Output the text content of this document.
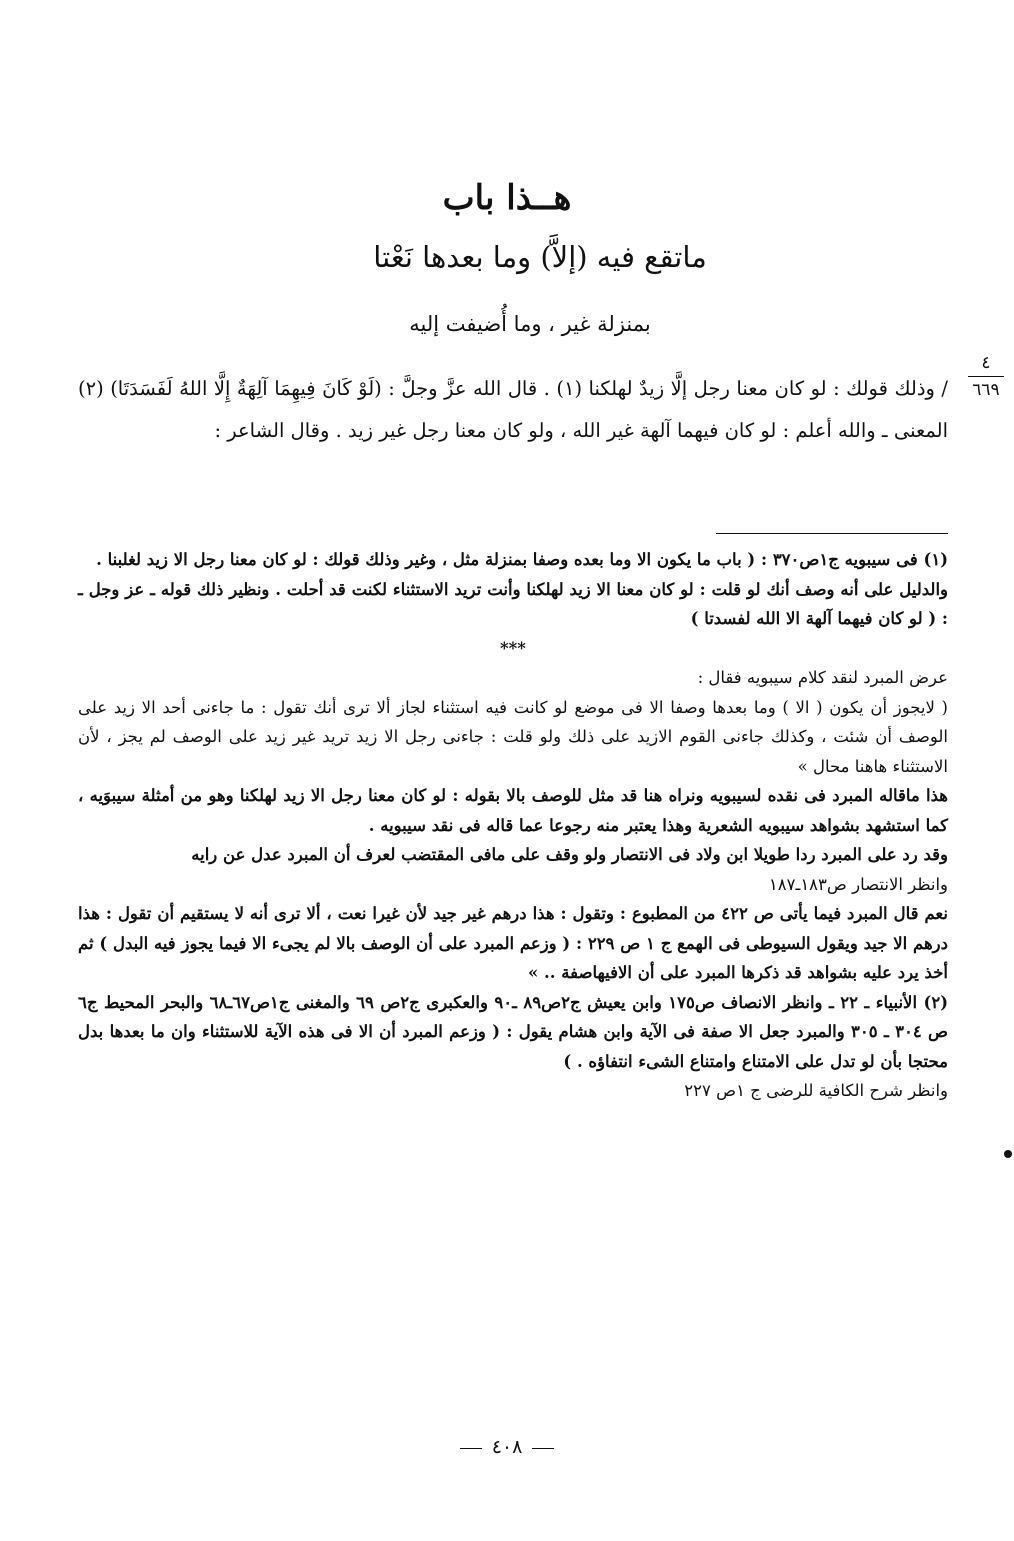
هــذا باب
ماتقع فيه (إلاَّ) وما بعدها نَعْتا
بمنزلة غير ، وما أُضيفت إليه
٤
٦٦٩

/ وذلك قولك : لو كان معنا رجل إلَّا زيدٌ لهلكنا (١) . قال الله عزَّ وجلَّ : (لَوْ كَانَ فِيهِمَا آلِهَةٌ إِلَّا اللهُ لَفَسَدَتَا) (٢) المعنى ـ والله أعلم : لو كان فيهما آلهة غير الله ، ولو كان معنا رجل غير زيد . وقال الشاعر :

(١) فى سيبويه ج١ص٣٧٠ : ( باب ما يكون الا وما بعده وصفا بمنزلة مثل ، وغير وذلك قولك : لو كان معنا رجل الا زيد لغلبنا .

والدليل على أنه وصف أنك لو قلت : لو كان معنا الا زيد لهلكنا وأنت تريد الاستثناء لكنت قد أحلت . ونظير ذلك قوله ـ عز وجل ـ : ( لو كان فيهما آلهة الا الله لفسدتا )

***

عرض المبرد لنقد كلام سيبويه فقال :

( لايجوز أن يكون ( الا ) وما بعدها وصفا الا فى موضع لو كانت فيه استثناء لجاز ألا ترى أنك تقول : ما جاءنى أحد الا زيد على الوصف أن شئت ، وكذلك جاءنى القوم الازيد على ذلك ولو قلت : جاءنى رجل الا زيد تريد غير زيد على الوصف لم يجز ، لأن الاستثناء هاهنا محال »

هذا ماقاله المبرد فى نقده لسيبويه ونراه هنا قد مثل للوصف بالا بقوله : لو كان معنا رجل الا زيد لهلكنا وهو من أمثلة سيبوَيه ، كما استشهد بشواهد سيبويه الشعرية وهذا يعتبر منه رجوعا عما قاله فى نقد سيبويه .

وقد رد على المبرد ردا طويلا ابن ولاد فى الانتصار ولو وقف على مافى المقتضب لعرف أن المبرد عدل عن رايه

وانظر الانتصار ص١٨٣ـ١٨٧

نعم قال المبرد فيما يأتى ص ٤٢٢ من المطبوع : وتقول : هذا درهم غير جيد لأن غيرا نعت ، ألا ترى أنه لا يستقيم أن تقول : هذا درهم الا جيد ويقول السيوطى فى الهمع ج ١ ص ٢٢٩ : ( وزعم المبرد على أن الوصف بالا لم يجىء الا فيما يجوز فيه البدل ) ثم أخذ يرد عليه بشواهد قد ذكرها المبرد على أن الافيهاصفة .. »

(٢) الأنبياء ـ ٢٢ ـ وانظر الانصاف ص١٧٥ وابن يعيش ج٢ص٨٩ ـ٩٠ والعكبرى ج٢ص ٦٩ والمغنى ج١ص٦٧ـ٦٨ والبحر المحيط ج٦ ص ٣٠٤ ـ ٣٠٥ والمبرد جعل الا صفة فى الآية وابن هشام يقول : ( وزعم المبرد أن الا فى هذه الآية للاستثناء وان ما بعدها بدل محتجا بأن لو تدل على الامتناع وامتناع الشىء انتفاؤه . )

وانظر شرح الكافية للرضى ج ١ص ٢٢٧

٤٠٨
